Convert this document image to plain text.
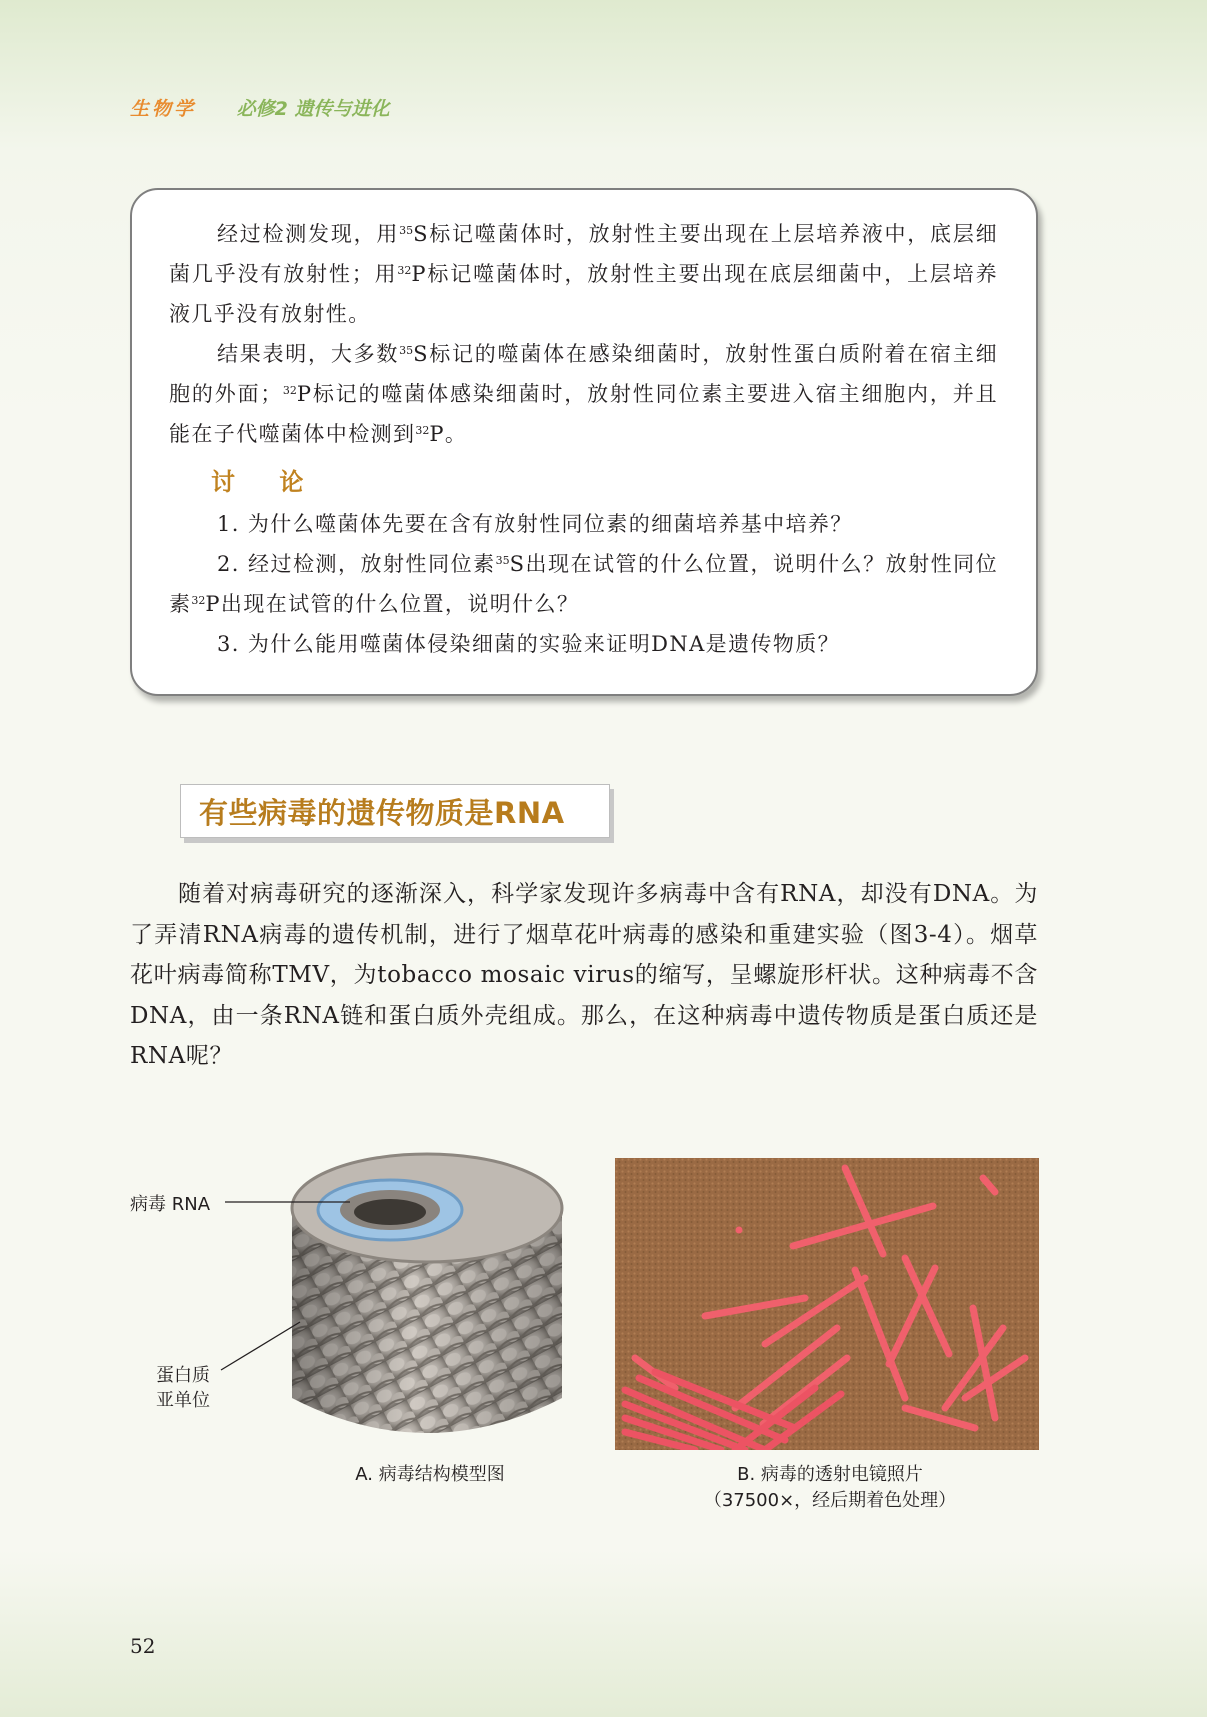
生物学 必修2 遗传与进化

经过检测发现，用$^{35}$S标记噬菌体时，放射性主要出现在上层培养液中，底层细菌几乎没有放射性；用$^{32}$P标记噬菌体时，放射性主要出现在底层细菌中，上层培养液几乎没有放射性。

结果表明，大多数$^{35}$S标记的噬菌体在感染细菌时，放射性蛋白质附着在宿主细胞的外面；$^{32}$P标记的噬菌体感染细菌时，放射性同位素主要进入宿主细胞内，并且能在子代噬菌体中检测到$^{32}$P。

讨 论

1. 为什么噬菌体先要在含有放射性同位素的细菌培养基中培养？

2. 经过检测，放射性同位素$^{35}$S出现在试管的什么位置，说明什么？放射性同位素$^{32}$P出现在试管的什么位置，说明什么？

3. 为什么能用噬菌体侵染细菌的实验来证明DNA是遗传物质？

有些病毒的遗传物质是RNA

随着对病毒研究的逐渐深入，科学家发现许多病毒中含有RNA，却没有DNA。为了弄清RNA病毒的遗传机制，进行了烟草花叶病毒的感染和重建实验（图3-4）。烟草花叶病毒简称TMV，为tobacco mosaic virus的缩写，呈螺旋形杆状。这种病毒不含DNA，由一条RNA链和蛋白质外壳组成。那么，在这种病毒中遗传物质是蛋白质还是RNA呢？

病毒 RNA
蛋白质
亚单位
A. 病毒结构模型图	B. 病毒的透射电镜照片
（37500×，经后期着色处理）
52
